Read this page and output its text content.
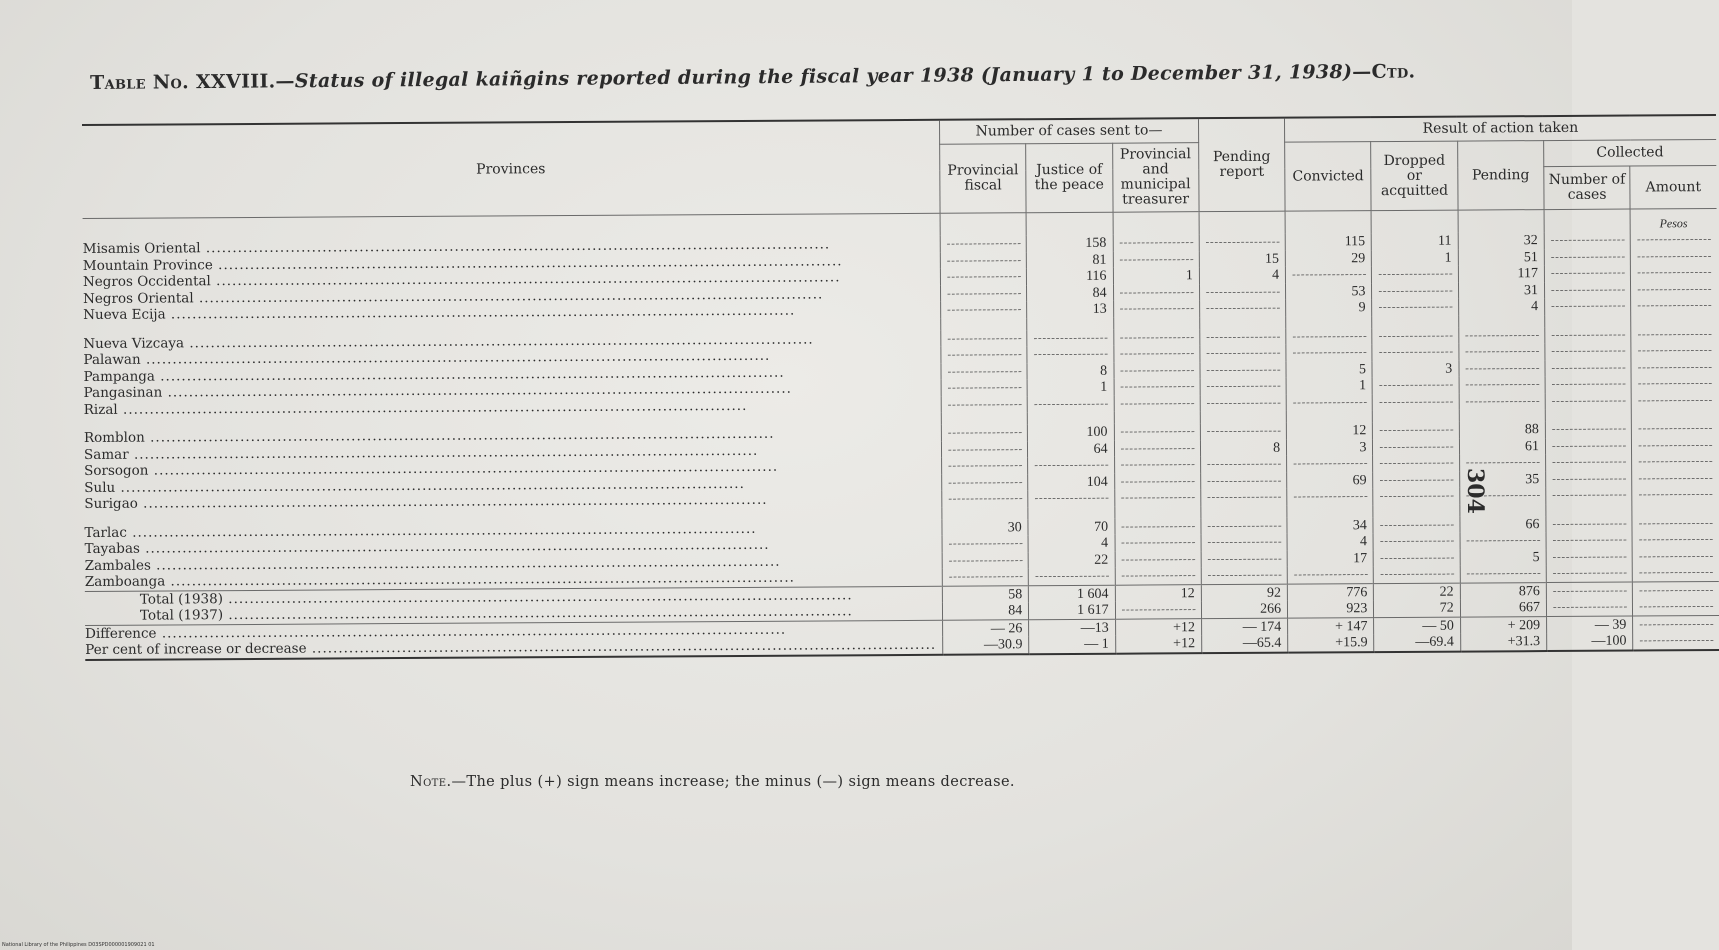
Table No. XXVIII.—Status of illegal kaiñgins reported during the fiscal year 1938 (January 1 to December 31, 1938)—Ctd.
Provinces	Number of cases sent to—			Pending report	Result of action taken				
	Provincial fiscal	Justice of the peace	Provincial and municipal treasurer		Convicted	Dropped or acquitted	Pending	Collected	
								Number of cases	Amount
									Pesos
Misamis Oriental .....	- - -	158	- - -	- - -	115	11	32	- - -	- - -
Mountain Province .....	- - -	81	- - -	15	29	1	51	- - -	- - -
Negros Occidental .....	- - -	116	1	4	- - -	- - -	117	- - -	- - -
Negros Oriental .....	- - -	84	- - -	- - -	53	- - -	31	- - -	- - -
Nueva Ecija .....	- - -	13	- - -	- - -	9	- - -	4	- - -	- - -

Nueva Vizcaya .....	- - -	- - -	- - -	- - -	- - -	- - -	- - -	- - -	- - -
Palawan .....	- - -	- - -	- - -	- - -	- - -	- - -	- - -	- - -	- - -
Pampanga .....	- - -	8	- - -	- - -	5	3	- - -	- - -	- - -
Pangasinan .....	- - -	1	- - -	- - -	1	- - -	- - -	- - -	- - -
Rizal .....	- - -	- - -	- - -	- - -	- - -	- - -	- - -	- - -	- - -

Romblon .....	- - -	100	- - -	- - -	12	- - -	88	- - -	- - -
Samar .....	- - -	64	- - -	8	3	- - -	61	- - -	- - -
Sorsogon .....	- - -	- - -	- - -	- - -	- - -	- - -	- - -	- - -	- - -
Sulu .....	- - -	104	- - -	- - -	69	- - -	35	- - -	- - -
Surigao .....	- - -	- - -	- - -	- - -	- - -	- - -	- - -	- - -	- - -

Tarlac .....	30	70	- - -	- - -	34	- - -	66	- - -	- - -
Tayabas .....	- - -	4	- - -	- - -	4	- - -	- - -	- - -	- - -
Zambales .....	- - -	22	- - -	- - -	17	- - -	5	- - -	- - -
Zamboanga .....	- - -	- - -	- - -	- - -	- - -	- - -	- - -	- - -	- - -
Total (1938) .....	58	1 604	12	92	776	22	876	- - -	- - -
Total (1937) .....	84	1 617	- - -	266	923	72	667	- - -	- - -
Difference .....	— 26	—13	+12	— 174	+ 147	— 50	+ 209	— 39	- - -
Per cent of increase or decrease .....	—30.9	— 1	+12	—65.4	+15.9	—69.4	+31.3	—100	- - -
Note.—The plus (+) sign means increase; the minus (—) sign means decrease.
304
National Library of the Philippines D03SPD000001909021 01
